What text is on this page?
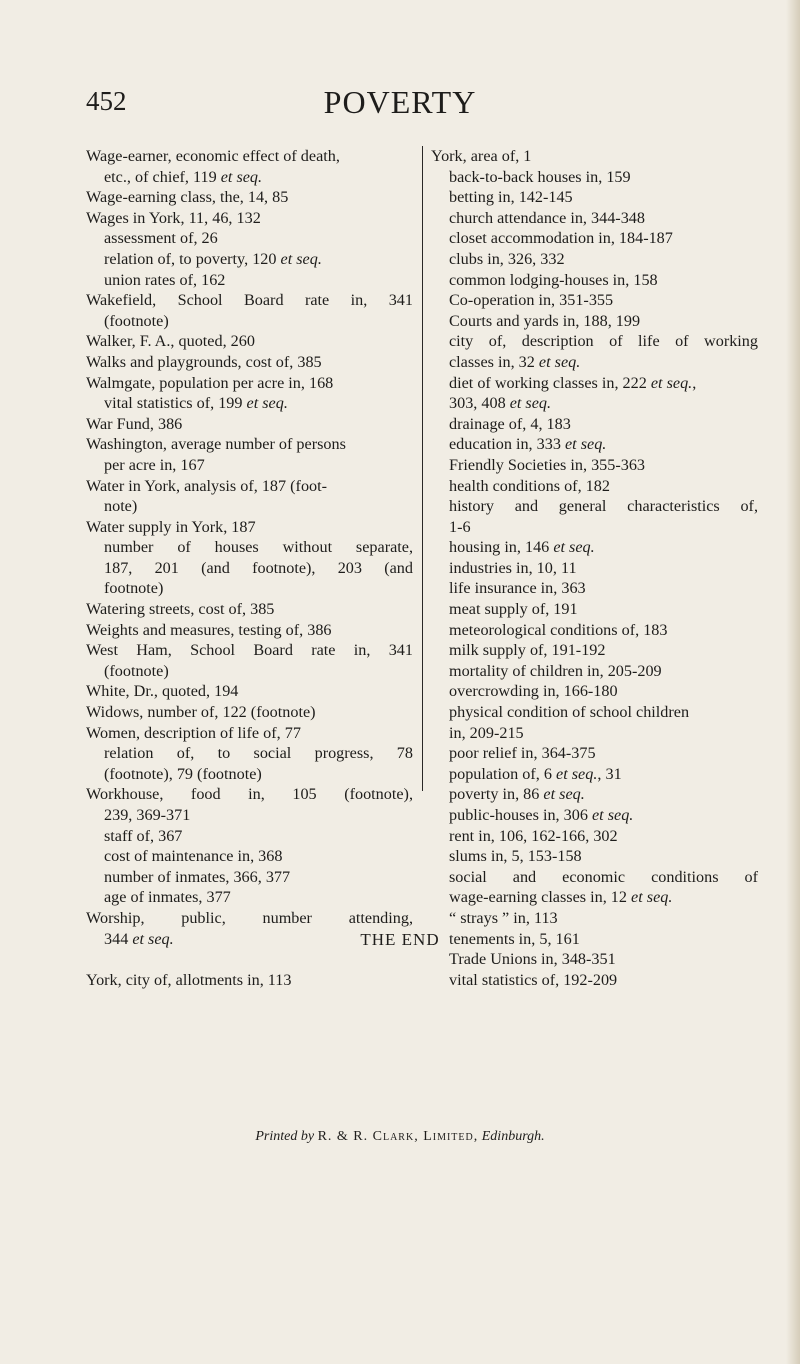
452	POVERTY
Wage-earner, economic effect of death,
etc., of chief, 119 et seq.
Wage-earning class, the, 14, 85
Wages in York, 11, 46, 132
assessment of, 26
relation of, to poverty, 120 et seq.
union rates of, 162
Wakefield, School Board rate in, 341
(footnote)
Walker, F. A., quoted, 260
Walks and playgrounds, cost of, 385
Walmgate, population per acre in, 168
vital statistics of, 199 et seq.
War Fund, 386
Washington, average number of persons
per acre in, 167
Water in York, analysis of, 187 (foot-
note)
Water supply in York, 187
number of houses without separate,
187, 201 (and footnote), 203 (and
footnote)
Watering streets, cost of, 385
Weights and measures, testing of, 386
West Ham, School Board rate in, 341
(footnote)
White, Dr., quoted, 194
Widows, number of, 122 (footnote)
Women, description of life of, 77
relation of, to social progress, 78
(footnote), 79 (footnote)
Workhouse, food in, 105 (footnote),
239, 369-371
staff of, 367
cost of maintenance in, 368
number of inmates, 366, 377
age of inmates, 377
Worship, public, number attending,
344 et seq.
York, city of, allotments in, 113
York, area of, 1
back-to-back houses in, 159
betting in, 142-145
church attendance in, 344-348
closet accommodation in, 184-187
clubs in, 326, 332
common lodging-houses in, 158
Co-operation in, 351-355
Courts and yards in, 188, 199
city of, description of life of working
classes in, 32 et seq.
diet of working classes in, 222 et seq.,
303, 408 et seq.
drainage of, 4, 183
education in, 333 et seq.
Friendly Societies in, 355-363
health conditions of, 182
history and general characteristics of,
1-6
housing in, 146 et seq.
industries in, 10, 11
life insurance in, 363
meat supply of, 191
meteorological conditions of, 183
milk supply of, 191-192
mortality of children in, 205-209
overcrowding in, 166-180
physical condition of school children
in, 209-215
poor relief in, 364-375
population of, 6 et seq., 31
poverty in, 86 et seq.
public-houses in, 306 et seq.
rent in, 106, 162-166, 302
slums in, 5, 153-158
social and economic conditions of
wage-earning classes in, 12 et seq.
“ strays ” in, 113
tenements in, 5, 161
Trade Unions in, 348-351
vital statistics of, 192-209
THE END
Printed by R. & R. Clark, Limited, Edinburgh.
